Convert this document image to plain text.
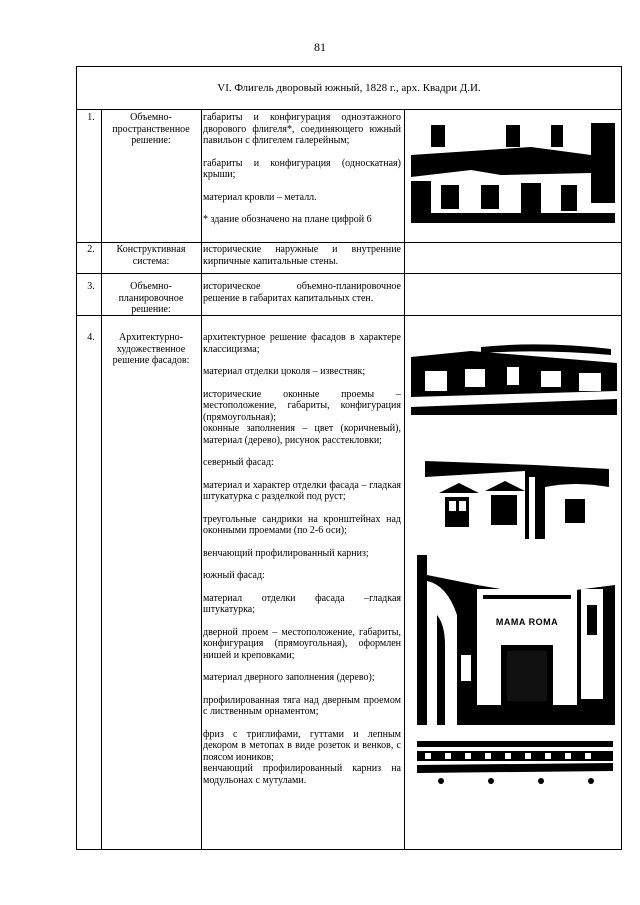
81
VI. Флигель дворовый южный, 1828 г., арх. Квадри Д.И.
1.	Объемно-пространственное решение:

габариты и конфигурация одноэтажного дворового флигеля*, соединяющего южный павильон с флигелем галерейным;

габариты и конфигурация (односкатная) крыши;

материал кровли – металл.

* здание обозначено на плане цифрой 6

2.	Конструктивная система:

исторические наружные и внутренние кирпичные капитальные стены.

3.	Объемно-планировочное решение:

историческое объемно-планировочное решение в габаритах капитальных стен.

4.	Архитектурно-художественное решение фасадов:

архитектурное решение фасадов в характере классицизма;

материал отделки цоколя – известняк;

исторические оконные проемы – местоположение, габариты, конфигурация (прямоугольная);

оконные заполнения – цвет (коричневый), материал (дерево), рисунок расстекловки;

северный фасад:

материал и характер отделки фасада – гладкая штукатурка с разделкой под руст;

треугольные сандрики на кронштейнах над оконными проемами (по 2-6 оси);

венчающий профилированный карниз;

южный фасад:

материал отделки фасада –гладкая штукатурка;

дверной проем – местоположение, габариты, конфигурация (прямоугольная), оформлен нишей и креповками;

материал дверного заполнения (дерево);

профилированная тяга над дверным проемом с лиственным орнаментом;

фриз с триглифами, гуттами и лепным декором в метопах в виде розеток и венков, с поясом иоников;

венчающий профилированный карниз на модульонах с мутулами.

MAMA ROMA
